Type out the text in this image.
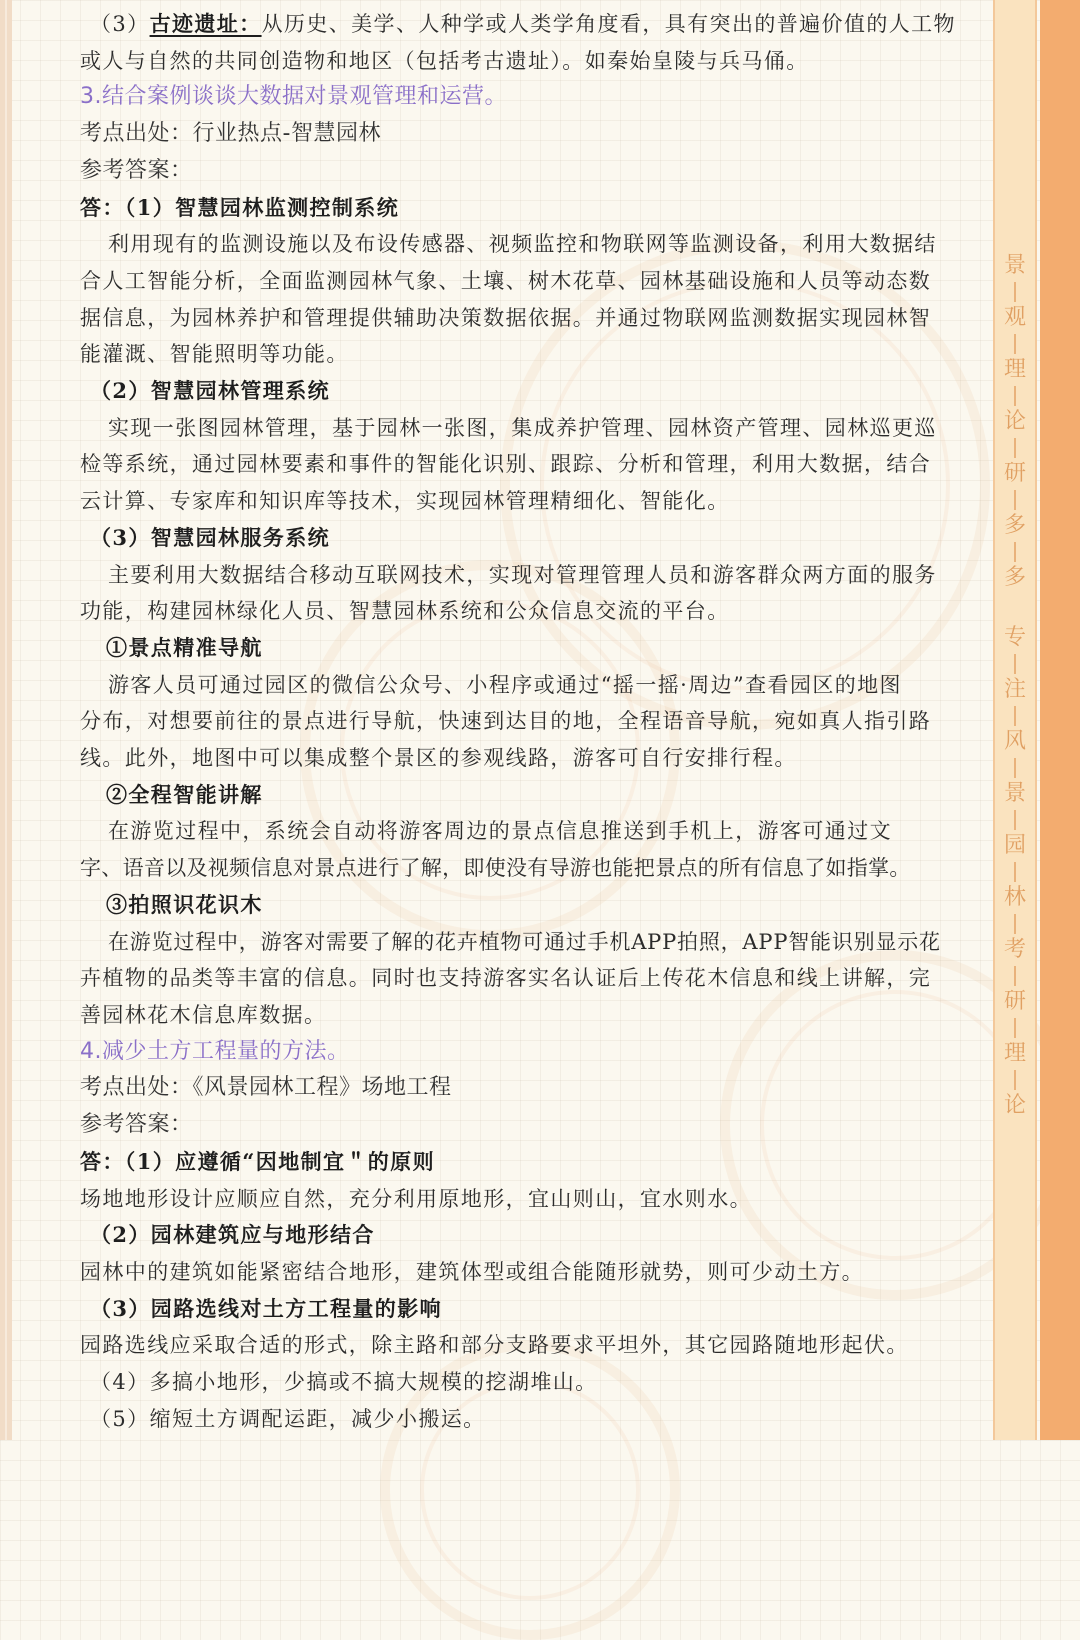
景
观
理
论
研
多
多
专
注
风
景
园
林
考
研
理
论
（3）古迹遗址：从历史、美学、人种学或人类学角度看，具有突出的普遍价值的人工物
或人与自然的共同创造物和地区（包括考古遗址）。如秦始皇陵与兵马俑。
3.结合案例谈谈大数据对景观管理和运营。
考点出处：行业热点-智慧园林
参考答案：
答：（1）智慧园林监测控制系统
利用现有的监测设施以及布设传感器、视频监控和物联网等监测设备，利用大数据结
合人工智能分析，全面监测园林气象、土壤、树木花草、园林基础设施和人员等动态数
据信息，为园林养护和管理提供辅助决策数据依据。并通过物联网监测数据实现园林智
能灌溉、智能照明等功能。
（2）智慧园林管理系统
实现一张图园林管理，基于园林一张图，集成养护管理、园林资产管理、园林巡更巡
检等系统，通过园林要素和事件的智能化识别、跟踪、分析和管理，利用大数据，结合
云计算、专家库和知识库等技术，实现园林管理精细化、智能化。
（3）智慧园林服务系统
主要利用大数据结合移动互联网技术，实现对管理管理人员和游客群众两方面的服务
功能，构建园林绿化人员、智慧园林系统和公众信息交流的平台。
①景点精准导航
游客人员可通过园区的微信公众号、小程序或通过“摇一摇·周边”查看园区的地图
分布，对想要前往的景点进行导航，快速到达目的地，全程语音导航，宛如真人指引路
线。此外，地图中可以集成整个景区的参观线路，游客可自行安排行程。
②全程智能讲解
在游览过程中，系统会自动将游客周边的景点信息推送到手机上，游客可通过文
字、语音以及视频信息对景点进行了解，即使没有导游也能把景点的所有信息了如指掌。
③拍照识花识木
在游览过程中，游客对需要了解的花卉植物可通过手机APP拍照，APP智能识别显示花
卉植物的品类等丰富的信息。同时也支持游客实名认证后上传花木信息和线上讲解，完
善园林花木信息库数据。
4.减少土方工程量的方法。
考点出处：《风景园林工程》场地工程
参考答案：
答：（1）应遵循“因地制宜＂的原则
场地地形设计应顺应自然，充分利用原地形，宜山则山，宜水则水。
（2）园林建筑应与地形结合
园林中的建筑如能紧密结合地形，建筑体型或组合能随形就势，则可少动土方。
（3）园路选线对土方工程量的影响
园路选线应采取合适的形式，除主路和部分支路要求平坦外，其它园路随地形起伏。
（4）多搞小地形，少搞或不搞大规模的挖湖堆山。
（5）缩短土方调配运距，减少小搬运。
